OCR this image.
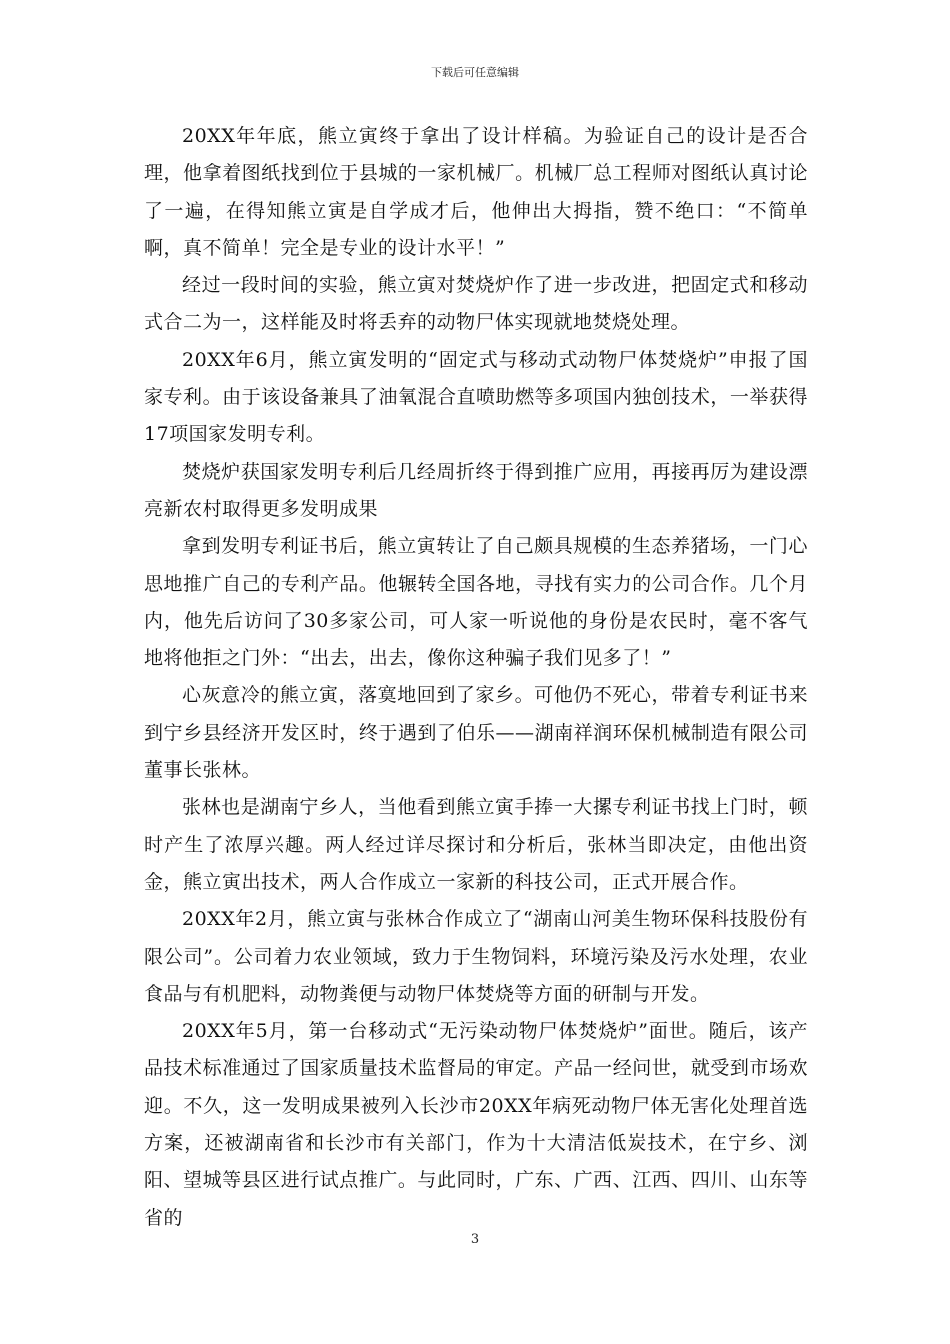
下载后可任意编辑

20XX年年底，熊立寅终于拿出了设计样稿。为验证自己的设计是否合理，他拿着图纸找到位于县城的一家机械厂。机械厂总工程师对图纸认真讨论了一遍，在得知熊立寅是自学成才后，他伸出大拇指，赞不绝口：“不简单啊，真不简单！完全是专业的设计水平！”

经过一段时间的实验，熊立寅对焚烧炉作了进一步改进，把固定式和移动式合二为一，这样能及时将丢弃的动物尸体实现就地焚烧处理。

20XX年6月，熊立寅发明的“固定式与移动式动物尸体焚烧炉”申报了国家专利。由于该设备兼具了油氧混合直喷助燃等多项国内独创技术，一举获得17项国家发明专利。

焚烧炉获国家发明专利后几经周折终于得到推广应用，再接再厉为建设漂亮新农村取得更多发明成果

拿到发明专利证书后，熊立寅转让了自己颇具规模的生态养猪场，一门心思地推广自己的专利产品。他辗转全国各地，寻找有实力的公司合作。几个月内，他先后访问了30多家公司，可人家一听说他的身份是农民时，毫不客气地将他拒之门外：“出去，出去，像你这种骗子我们见多了！”

心灰意冷的熊立寅，落寞地回到了家乡。可他仍不死心，带着专利证书来到宁乡县经济开发区时，终于遇到了伯乐——湖南祥润环保机械制造有限公司董事长张林。

张林也是湖南宁乡人，当他看到熊立寅手捧一大摞专利证书找上门时，顿时产生了浓厚兴趣。两人经过详尽探讨和分析后，张林当即决定，由他出资金，熊立寅出技术，两人合作成立一家新的科技公司，正式开展合作。

20XX年2月，熊立寅与张林合作成立了“湖南山河美生物环保科技股份有限公司”。公司着力农业领域，致力于生物饲料，环境污染及污水处理，农业食品与有机肥料，动物粪便与动物尸体焚烧等方面的研制与开发。

20XX年5月，第一台移动式“无污染动物尸体焚烧炉”面世。随后，该产品技术标准通过了国家质量技术监督局的审定。产品一经问世，就受到市场欢迎。不久，这一发明成果被列入长沙市20XX年病死动物尸体无害化处理首选方案，还被湖南省和长沙市有关部门，作为十大清洁低炭技术，在宁乡、浏阳、望城等县区进行试点推广。与此同时，广东、广西、江西、四川、山东等省的

3
